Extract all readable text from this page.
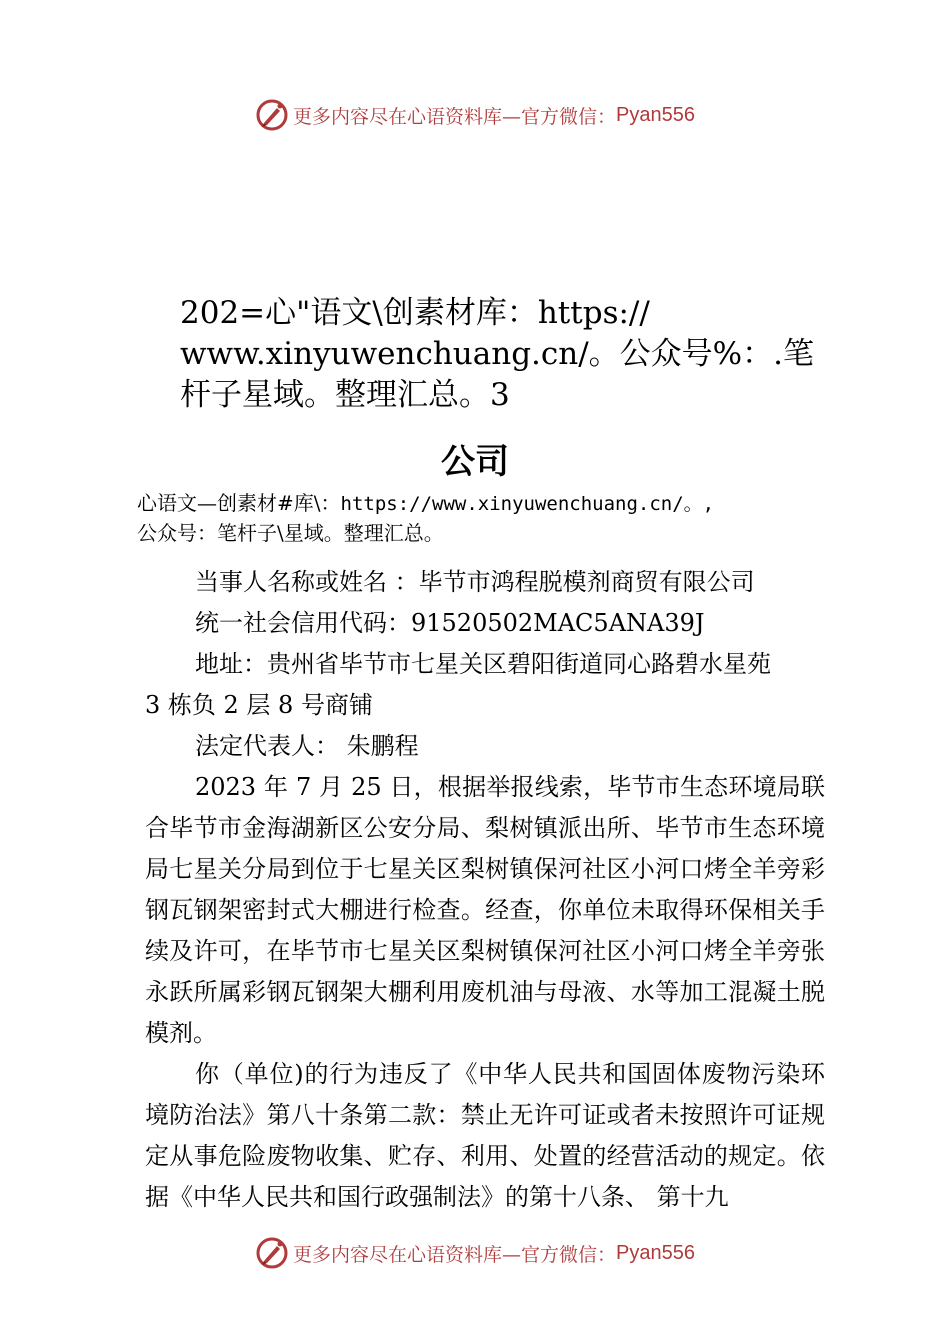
更多内容尽在心语资料库—官方微信： Pyan556
202=心"语文\创素材库：https://
www.xinyuwenchuang.cn/。公众号%：.笔
杆子星域。整理汇总。3
公司
心语文—创素材#库\：https://www.xinyuwenchuang.cn/。,
公众号：笔杆子\星域。整理汇总。

当事人名称或姓名 ：毕节市鸿程脱模剂商贸有限公司

统一社会信用代码：91520502MAC5ANA39J

地址：贵州省毕节市七星关区碧阳街道同心路碧水星苑

3 栋负 2 层 8 号商铺

法定代表人： 朱鹏程

2023 年 7 月 25 日，根据举报线索，毕节市生态环境局联合毕节市金海湖新区公安分局、梨树镇派出所、毕节市生态环境局七星关分局到位于七星关区梨树镇保河社区小河口烤全羊旁彩钢瓦钢架密封式大棚进行检查。经查，你单位未取得环保相关手续及许可，在毕节市七星关区梨树镇保河社区小河口烤全羊旁张永跃所属彩钢瓦钢架大棚利用废机油与母液、水等加工混凝土脱模剂。

你（单位)的行为违反了《中华人民共和国固体废物污染环境防治法》第八十条第二款：禁止无许可证或者未按照许可证规定从事危险废物收集、贮存、利用、处置的经营活动的规定。依据《中华人民共和国行政强制法》的第十八条、 第十九

更多内容尽在心语资料库—官方微信： Pyan556
